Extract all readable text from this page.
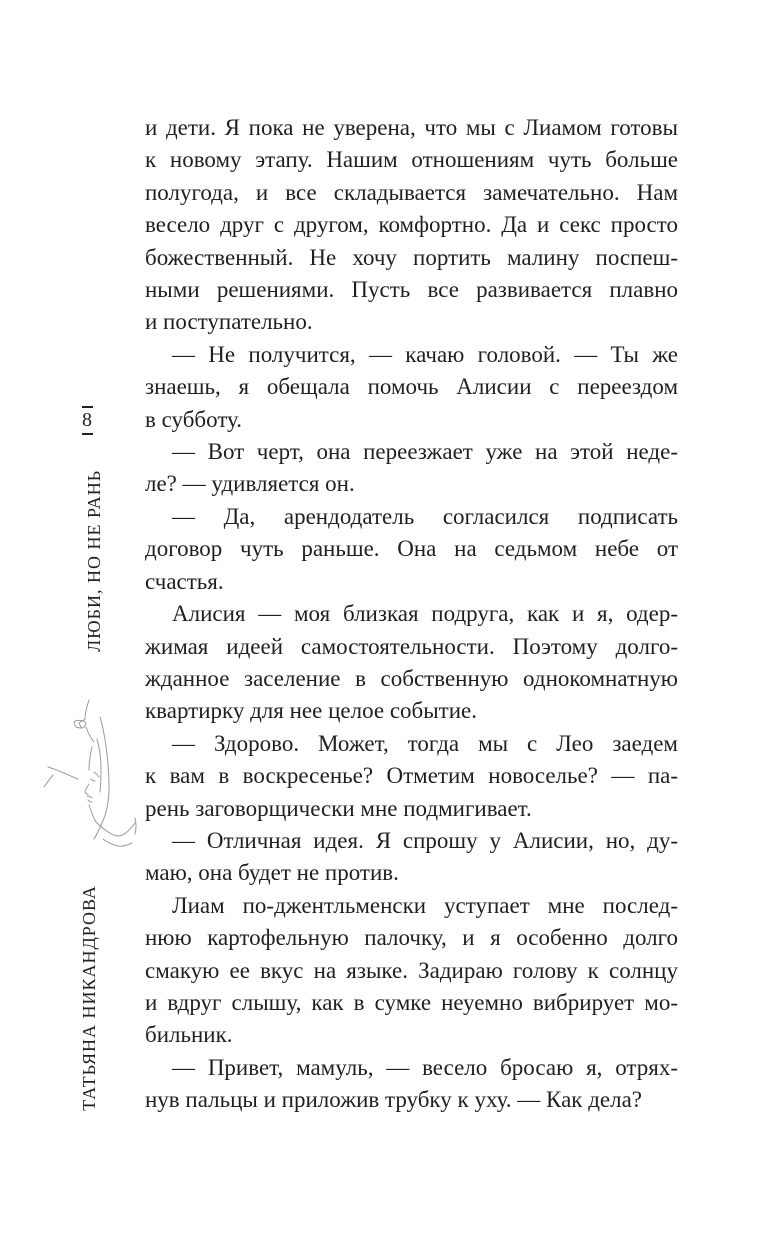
8
ЛЮБИ, НО НЕ РАНЬ
ТАТЬЯНА НИКАНДРОВА
и дети. Я пока не уверена, что мы с Лиамом готовы
к новому этапу. Нашим отношениям чуть больше
полугода, и все складывается замечательно. Нам
весело друг с другом, комфортно. Да и секс просто
божественный. Не хочу портить малину поспеш-
ными решениями. Пусть все развивается плавно
и поступательно.
— Не получится, — качаю головой. — Ты же
знаешь, я обещала помочь Алисии с переездом
в субботу.
— Вот черт, она переезжает уже на этой неде-
ле? — удивляется он.
— Да, арендодатель согласился подписать
договор чуть раньше. Она на седьмом небе от
счастья.
Алисия — моя близкая подруга, как и я, одер-
жимая идеей самостоятельности. Поэтому долго-
жданное заселение в собственную однокомнатную
квартирку для нее целое событие.
— Здорово. Может, тогда мы с Лео заедем
к вам в воскресенье? Отметим новоселье? — па-
рень заговорщически мне подмигивает.
— Отличная идея. Я спрошу у Алисии, но, ду-
маю, она будет не против.
Лиам по-джентльменски уступает мне послед-
нюю картофельную палочку, и я особенно долго
смакую ее вкус на языке. Задираю голову к солнцу
и вдруг слышу, как в сумке неуемно вибрирует мо-
бильник.
— Привет, мамуль, — весело бросаю я, отрях-
нув пальцы и приложив трубку к уху. — Как дела?
